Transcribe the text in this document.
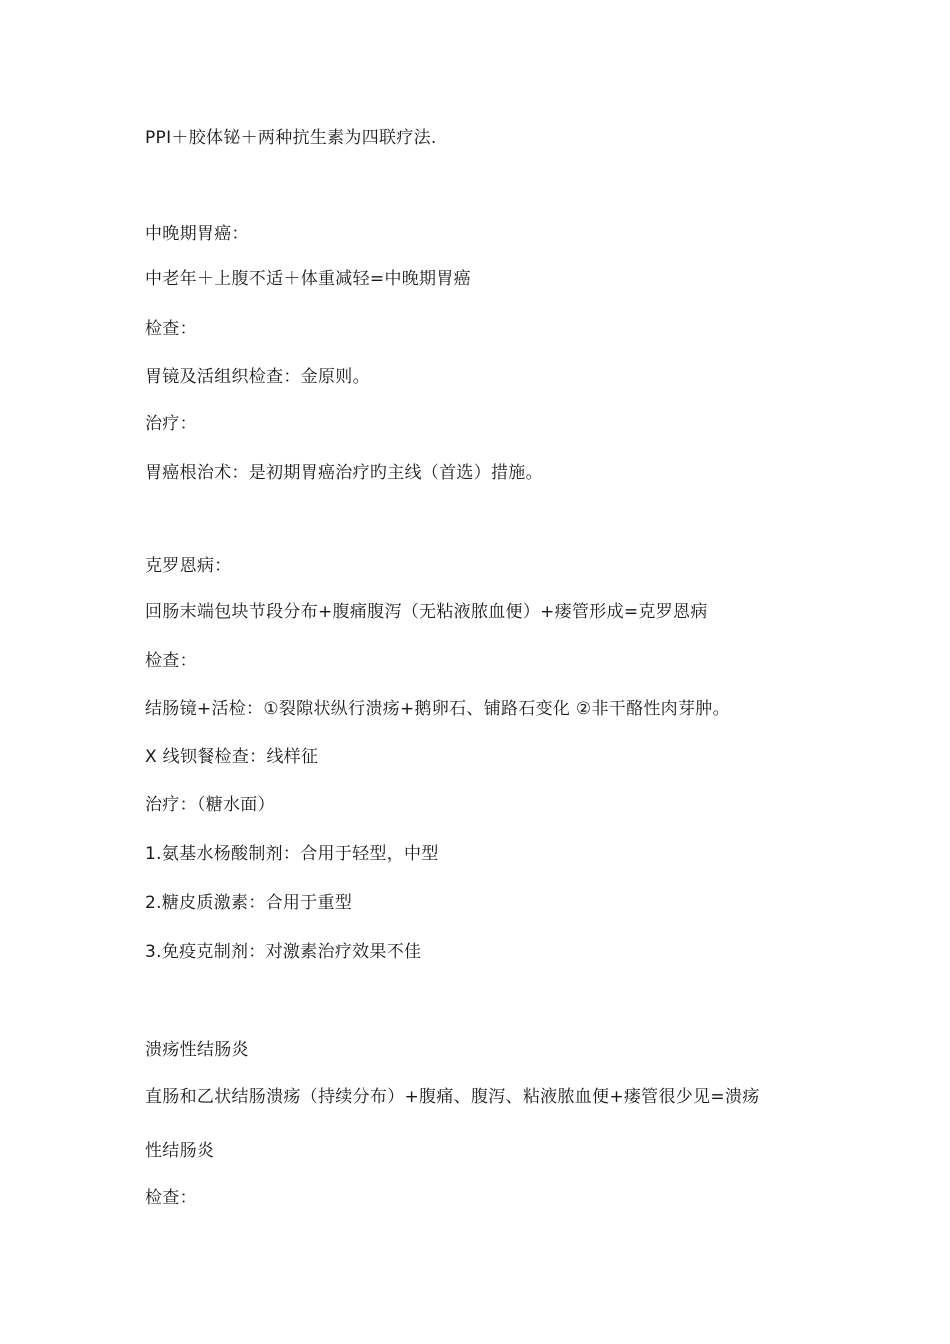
PPI＋胶体铋＋两种抗生素为四联疗法.
中晚期胃癌：
中老年＋上腹不适＋体重减轻=中晚期胃癌
检查：
胃镜及活组织检查：金原则。
治疗：
胃癌根治术：是初期胃癌治疗旳主线（首选）措施。
克罗恩病：
回肠末端包块节段分布+腹痛腹泻（无粘液脓血便）+瘘管形成=克罗恩病
检查：
结肠镜+活检：①裂隙状纵行溃疡+鹅卵石、铺路石变化 ②非干酪性肉芽肿。
X 线钡餐检查：线样征
治疗：（糖水面）
1.氨基水杨酸制剂：合用于轻型，中型
2.糖皮质激素：合用于重型
3.免疫克制剂：对激素治疗效果不佳
溃疡性结肠炎
直肠和乙状结肠溃疡（持续分布）+腹痛、腹泻、粘液脓血便+瘘管很少见=溃疡
性结肠炎
检查：
